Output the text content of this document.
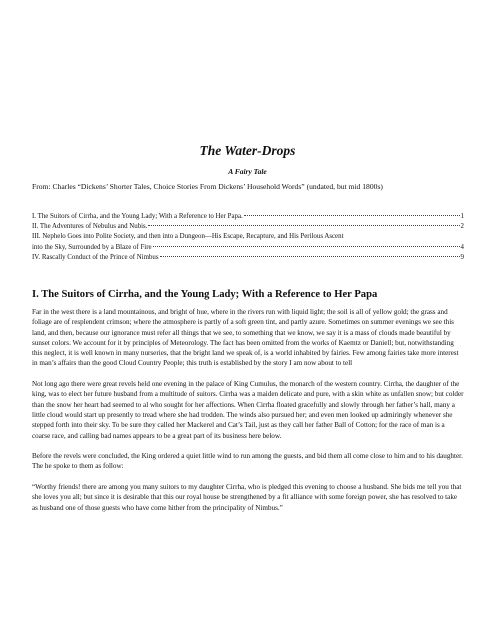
The Water-Drops
A Fairy Tale

From: Charles “Dickens’ Shorter Tales, Choice Stories From Dickens’ Household Words” (undated, but mid 1800s)

I. The Suitors of Cirrha, and the Young Lady; With a Reference to Her Papa.	1
II. The Adventures of Nebulus and Nubis.	2
III. Nephelo Goes into Polite Society, and then into a Dungeon—His Escape, Recapture, and His Perilous Ascent
into the Sky, Surrounded by a Blaze of Fire	4
IV. Rascally Conduct of the Prince of Nimbus	9
I. The Suitors of Cirrha, and the Young Lady; With a Reference to Her Papa

Far in the west there is a land mountainous, and bright of hue, where in the rivers run with liquid light; the soil is all of yellow gold; the grass and foliage are of resplendent crimson; where the atmosphere is partly of a soft green tint, and partly azure. Sometimes on summer evenings we see this land, and then, because our ignorance must refer all things that we see, to something that we know, we say it is a mass of clouds made beautiful by sunset colors. We account for it by principles of Meteorology. The fact has been omitted from the works of Kaemtz or Daniell; but, notwithstanding this neglect, it is well known in many nurseries, that the bright land we speak of, is a world inhabited by fairies. Few among fairies take more interest in man’s affairs than the good Cloud Country People; this truth is established by the story I am now about to tell

Not long ago there were great revels held one evening in the palace of King Cumulus, the monarch of the western country. Cirrha, the daughter of the king, was to elect her future husband from a multitude of suitors. Cirrha was a maiden delicate and pure, with a skin white as unfallen snow; but colder than the snow her heart had seemed to al who sought for her affections. When Cirrha floated gracefully and slowly through her father’s hall, many a little cloud would start up presently to tread where she had trodden. The winds also pursued her; and even men looked up admiringly whenever she stepped forth into their sky. To be sure they called her Mackerel and Cat’s Tail, just as they call her father Ball of Cotton; for the race of man is a coarse race, and calling bad names appears to be a great part of its business here below.

Before the revels were concluded, the King ordered a quiet little wind to run among the guests, and bid them all come close to him and to his daughter. The he spoke to them as follow:

“Worthy friends! there are among you many suitors to my daughter Cirrha, who is pledged this evening to choose a husband. She bids me tell you that she loves you all; but since it is desirable that this our royal house be strengthened by a fit alliance with some foreign power, she has resolved to take as husband one of those guests who have come hither from the principality of Nimbus.”
